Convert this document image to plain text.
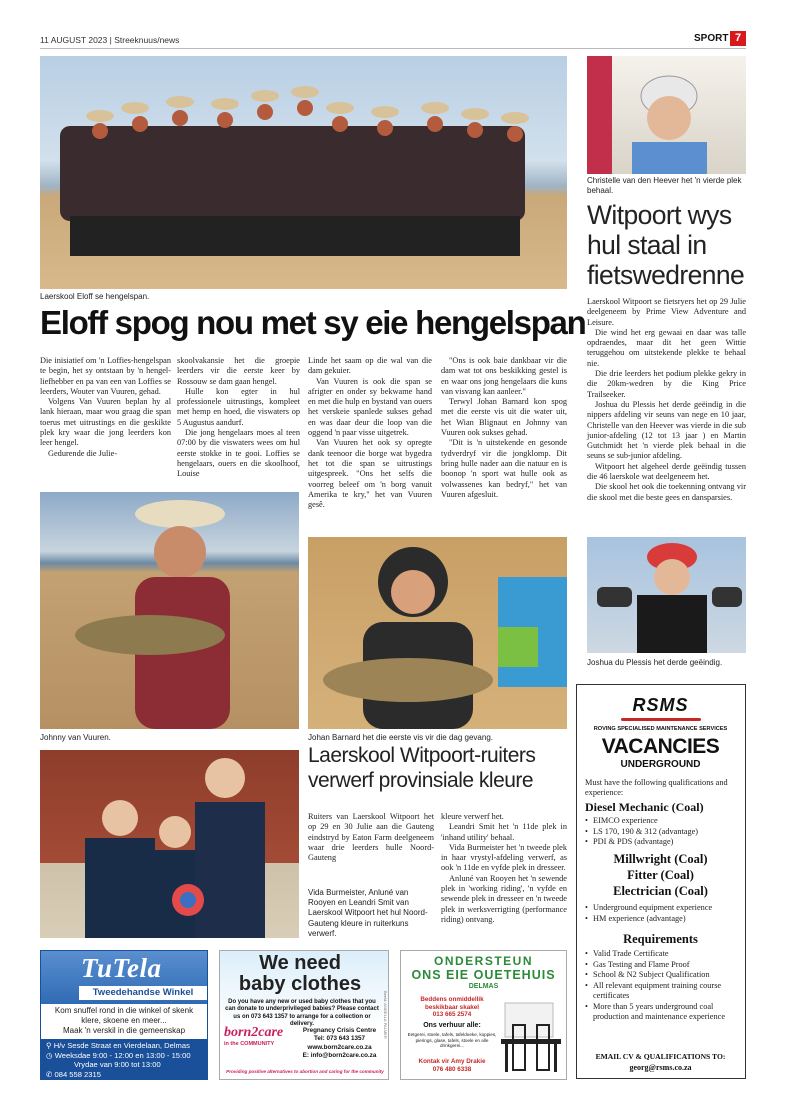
11 AUGUST 2023 | Streeknuus/news	SPORT 7
Laerskool Eloff se hengelspan.
Eloff spog nou met sy eie hengelspan

Die inisiatief om 'n Loffies-hengelspan te begin, het sy ontstaan by 'n hengel-liefhebber en pa van een van Loffies se leerders, Wouter van Vuuren, gehad.

Volgens Van Vuuren beplan hy al lank hieraan, maar wou graag die span toerus met uitrustings en die geskikte plek kry waar die jong leerders kon leer hengel.

Gedurende die Julie-

skoolvakansie het die groepie leerders vir die eerste keer by Rossouw se dam gaan hengel.

Hulle kon egter in hul professionele uitrustings, kompleet met hemp en hoed, die viswaters op 5 Augustus aandurf.

Die jong hengelaars moes al teen 07:00 by die viswaters wees om hul eerste stokke in te gooi. Loffies se hengelaars, ouers en die skoolhoof, Louise

Linde het saam op die wal van die dam gekuier.

Van Vuuren is ook die span se afrigter en onder sy bekwame hand en met die hulp en bystand van ouers het verskeie spanlede sukses gehad en was daar deur die loop van die oggend 'n paar visse uitgetrek.

Van Vuuren het ook sy opregte dank teenoor die borge wat bygedra het tot die span se uitrustings uitgespreek. "Ons het selfs die voorreg beleef om 'n borg vanuit Amerika te kry," het van Vuuren gesê.

"Ons is ook baie dankbaar vir die dam wat tot ons beskikking gestel is en waar ons jong hengelaars die kuns van visvang kan aanleer."

Terwyl Johan Barnard kon spog met die eerste vis uit die water uit, het Wian Blignaut en Johnny van Vuuren ook sukses gehad.

"Dit is 'n uitstekende en gesonde tydverdryf vir die jongklomp. Dit bring hulle nader aan die natuur en is boonop 'n sport wat hulle ook as volwassenes kan bedryf," het van Vuuren afgesluit.

Johnny van Vuuren.	Johan Barnard het die eerste vis vir die dag gevang.
Christelle van den Heever het 'n vierde plek behaal.
Witpoort wys
hul staal in
fietswedrenne

Laerskool Witpoort se fietsryers het op 29 Julie deelgeneem by Prime View Adventure and Leisure.

Die wind het erg gewaai en daar was talle opdraendes, maar dit het geen Wittie teruggehou om uitstekende plekke te behaal nie.

Die drie leerders het podium plekke gekry in die 20km-wedren by die King Price Trailseeker.

Joshua du Plessis het derde geëindig in die nippers afdeling vir seuns van nege en 10 jaar, Christelle van den Heever was vierde in die sub junior-afdeling (12 tot 13 jaar ) en Martin Gutchmidt het 'n vierde plek behaal in die seuns se sub-junior afdeling.

Witpoort het algeheel derde geëindig tussen die 46 laerskole wat deelgeneem het.

Die skool het ook die toekenning ontvang vir die skool met die beste gees en dansparsies.

Joshua du Plessis het derde geëindig.
Laerskool Witpoort-ruiters
verwerf provinsiale kleure

Ruiters van Laerskool Witpoort het op 29 en 30 Julie aan die Gauteng eindstryd by Eaton Farm deelgeneem waar drie leerders hulle Noord-Gauteng

Vida Burmeister, Anluné van Rooyen en Leandri Smit van Laerskool Witpoort het hul Noord-Gauteng kleure in ruiterkuns verwerf.

kleure verwerf het.

Leandri Smit het 'n 11de plek in 'inhand utility' behaal.

Vida Burmeister het 'n tweede plek in haar vrystyl-afdeling verwerf, as ook 'n 11de en vyfde plek in dresseer.

Anluné van Rooyen het 'n sewende plek in 'working riding', 'n vyfde en sewende plek in dresseer en 'n tweede plek in werksverrigting (performance riding) ontvang.

RSMS
ROVING SPECIALISED MAINTENANCE SERVICES
VACANCIES
UNDERGROUND
Must have the following qualifications and experience:
Diesel Mechanic (Coal)
• EIMCO experience
• LS 170, 190 & 312 (advantage)
• PDI & PDS (advantage)
Millwright (Coal)
Fitter (Coal)
Electrician (Coal)
• Underground equipment experience
• HM experience (advantage)
Requirements
• Valid Trade Certificate
• Gas Testing and Flame Proof
• School & N2 Subject Qualification
• All relevant equipment training course certificates
• More than 5 years underground coal production and maintenance experience
EMAIL CV & QUALIFICATIONS TO:
georg@rsms.co.za
TuTela
Tweedehandse Winkel
Kom snuffel rond in die winkel of skenk
klere, skoene en meer...
Maak 'n verskil in die gemeenskap
⚲ H/v Sesde Straat en Vierdelaan, Delmas
◷ Weeksdae 9:00 - 12:00 en 13:00 - 15:00
Vrydae van 9:00 tot 13:00
✆ 084 558 2315
We need
baby clothes
Beeld: ANGELLA PALMER
Do you have any new or used baby clothes that you can donate to underprivileged babies? Please contact us on 073 643 1357 to arrange for a collection or delivery.
born2care
in the COMMUNITY
Pregnancy Crisis Centre
Tel: 073 643 1357
www.born2care.co.za
E: info@born2care.co.za
Providing positive alternatives to abortion and caring for the community
ONDERSTEUN
ONS EIE OUETEHUIS
DELMAS
Beddens onmiddellik
beskikbaar skakel
013 665 2574
Ons verhuur alle:
Eetgerei, stoele, tafels, tafeldoeke, koppies, pierings, glase, tafels, stoele en alle drinkgerei...
Kontak vir Amy Drakie
076 480 6338
